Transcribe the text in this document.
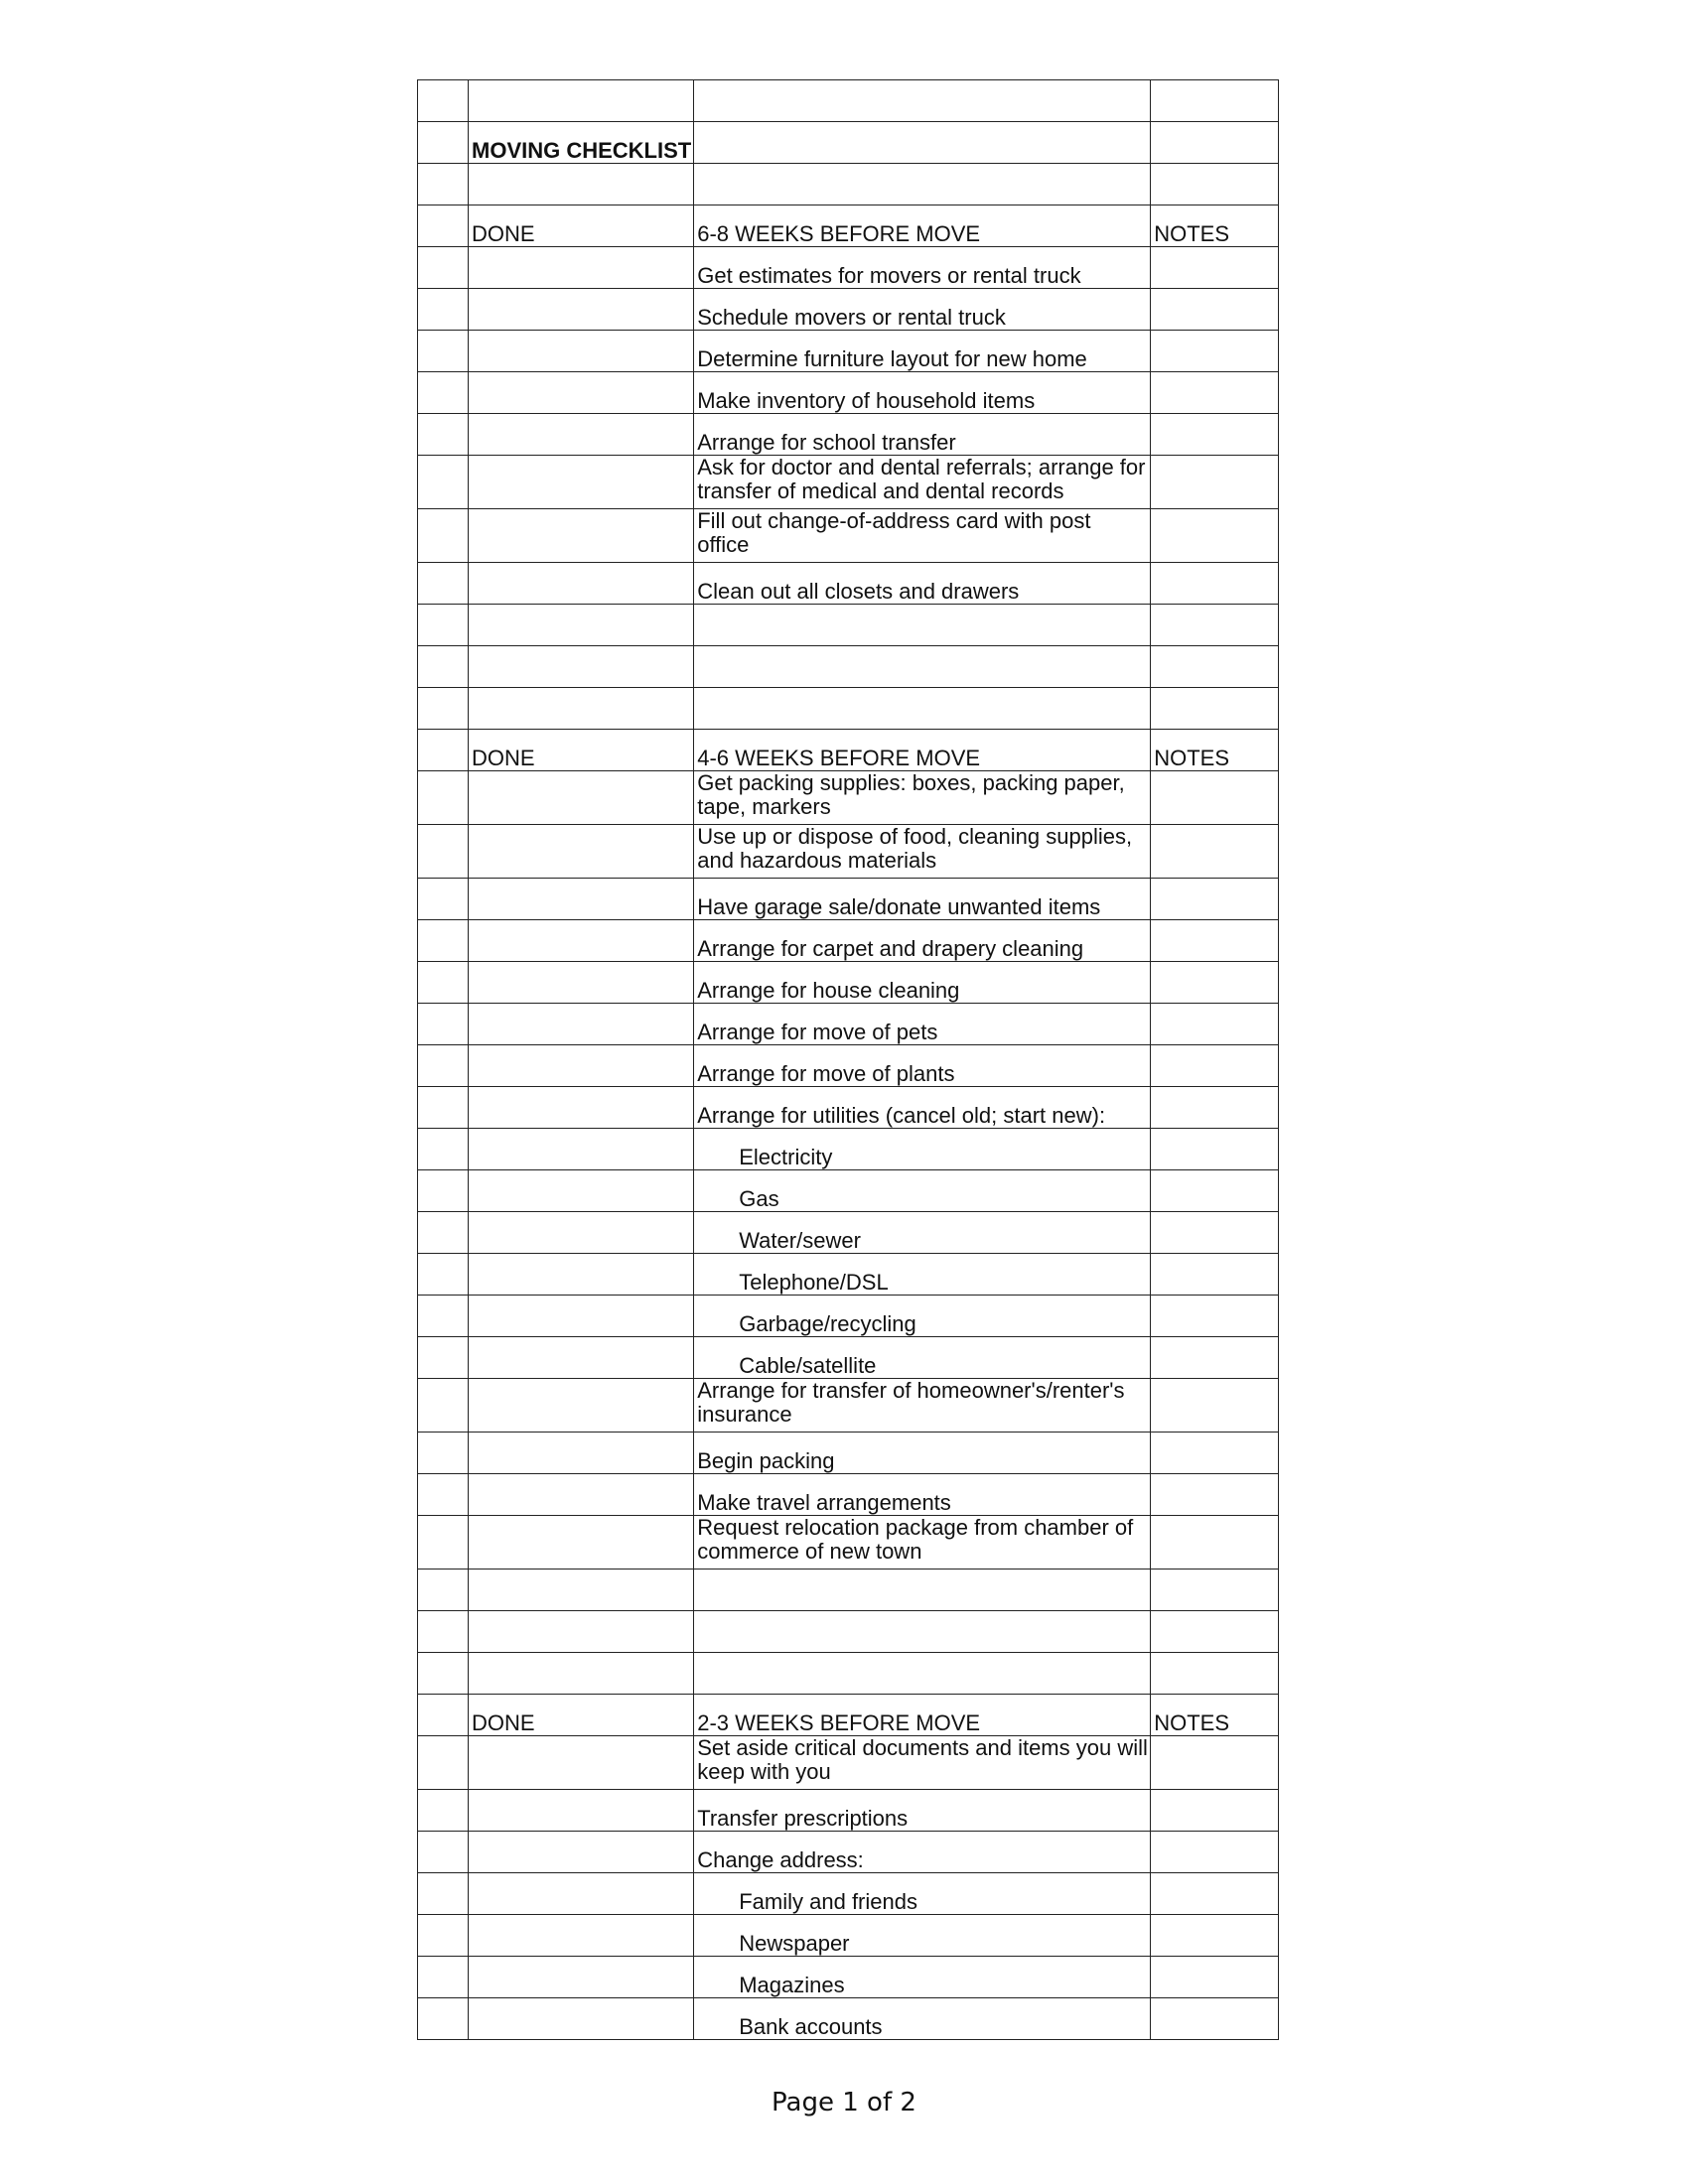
	MOVING CHECKLIST		

	DONE	6-8 WEEKS BEFORE MOVE	NOTES
		Get estimates for movers or rental truck	
		Schedule movers or rental truck	
		Determine furniture layout for new home	
		Make inventory of household items	
		Arrange for school transfer	
		Ask for doctor and dental referrals; arrange for transfer of medical and dental records	
		Fill out change-of-address card with post office	
		Clean out all closets and drawers	

	DONE	4-6 WEEKS BEFORE MOVE	NOTES
		Get packing supplies: boxes, packing paper, tape, markers	
		Use up or dispose of food, cleaning supplies, and hazardous materials	
		Have garage sale/donate unwanted items	
		Arrange for carpet and drapery cleaning	
		Arrange for house cleaning	
		Arrange for move of pets	
		Arrange for move of plants	
		Arrange for utilities (cancel old; start new):	
		Electricity	
		Gas	
		Water/sewer	
		Telephone/DSL	
		Garbage/recycling	
		Cable/satellite	
		Arrange for transfer of homeowner's/renter's insurance	
		Begin packing	
		Make travel arrangements	
		Request relocation package from chamber of commerce of new town	

	DONE	2-3 WEEKS BEFORE MOVE	NOTES
		Set aside critical documents and items you will keep with you	
		Transfer prescriptions	
		Change address:	
		Family and friends	
		Newspaper	
		Magazines	
		Bank accounts	
Page 1 of 2
